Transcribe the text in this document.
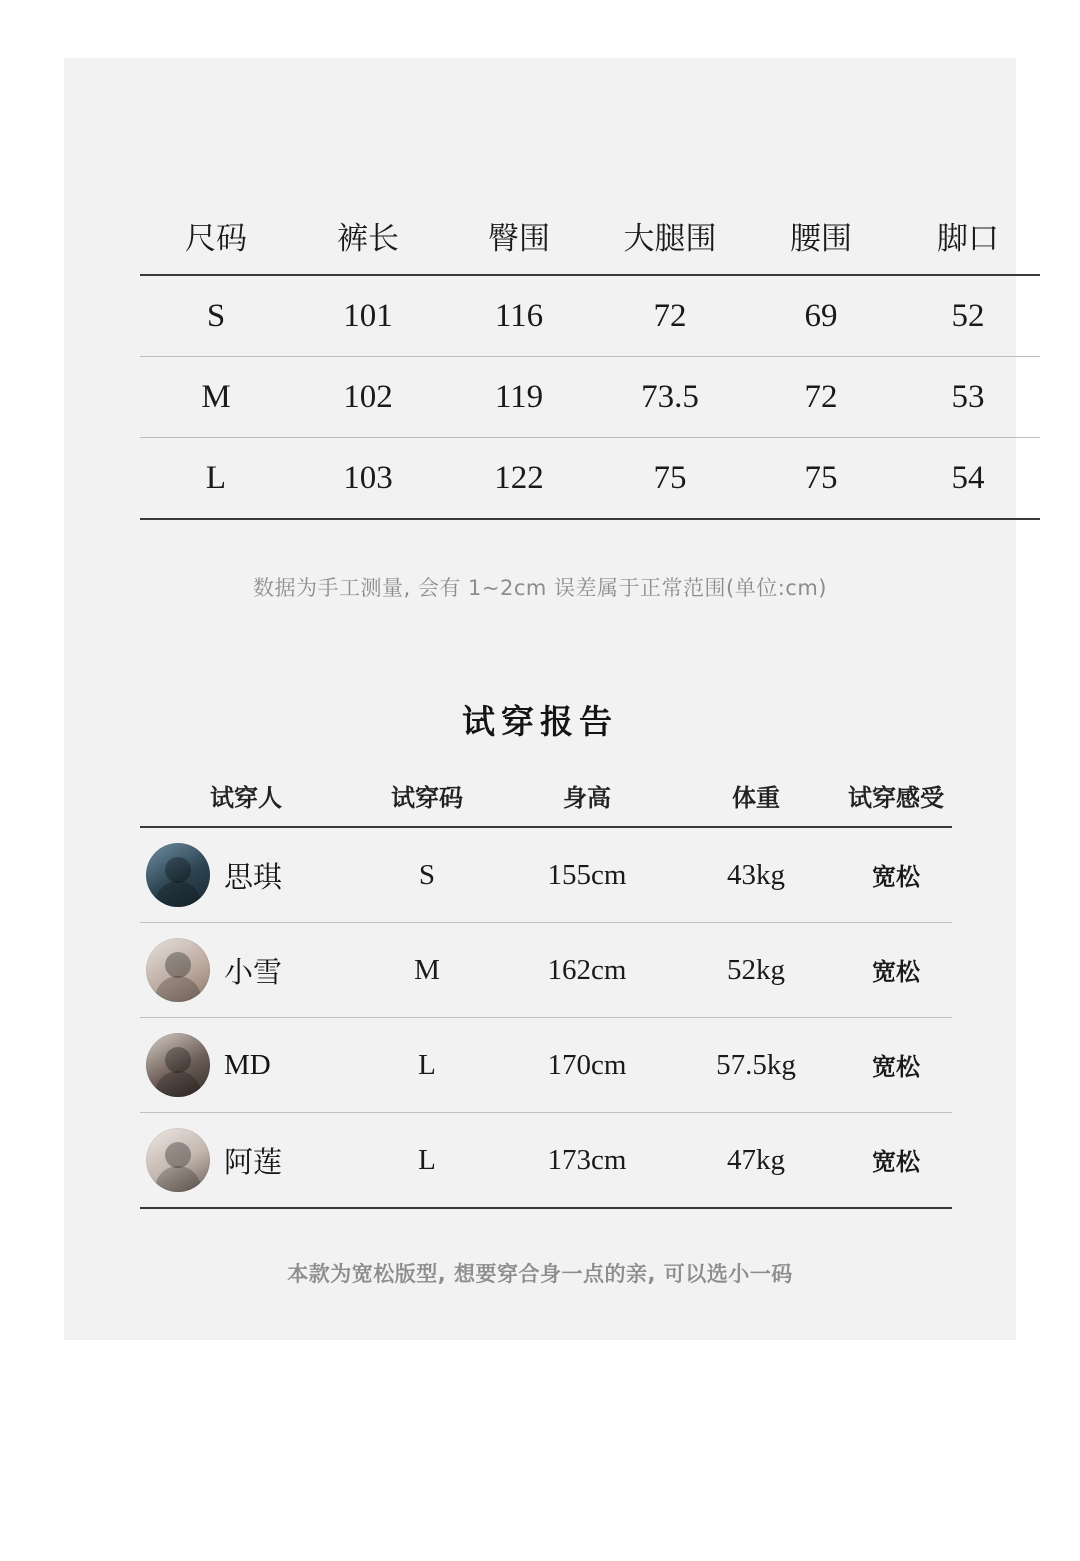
尺码	裤长	臀围	大腿围	腰围	脚口
S	101	116	72	69	52
M	102	119	73.5	72	53
L	103	122	75	75	54
数据为手工测量, 会有 1~2cm 误差属于正常范围(单位:cm)
试穿报告
试穿人	试穿码	身高	体重	试穿感受

思琪	S	155cm	43kg	宽松

小雪	M	162cm	52kg	宽松

MD	L	170cm	57.5kg	宽松

阿莲	L	173cm	47kg	宽松
本款为宽松版型, 想要穿合身一点的亲, 可以选小一码
